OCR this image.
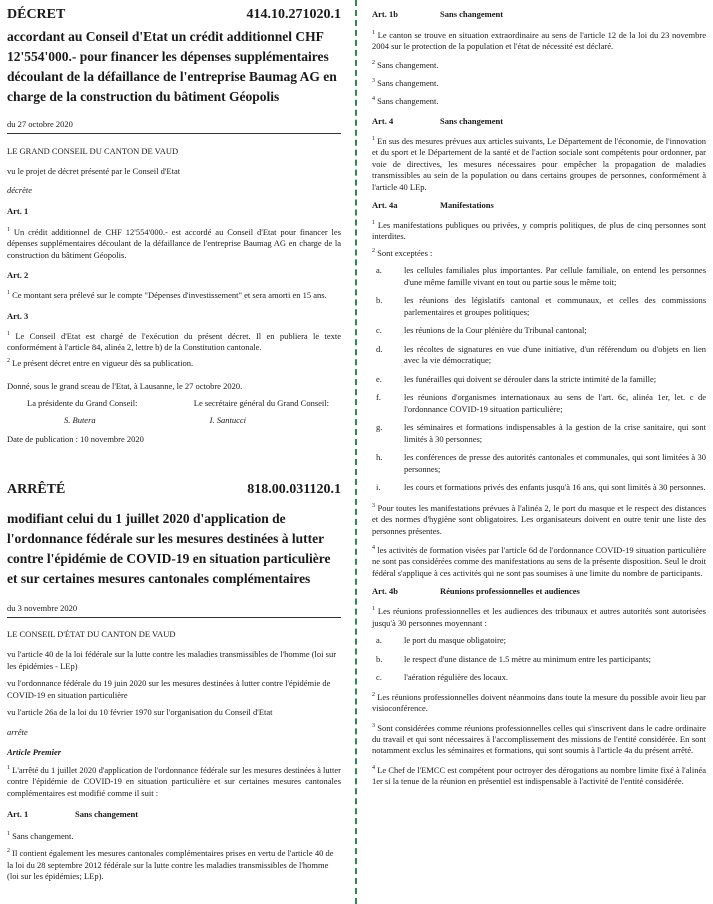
DÉCRET	414.10.271020.1
accordant au Conseil d'Etat un crédit additionnel CHF 12'554'000.- pour financer les dépenses supplémentaires découlant de la défaillance de l'entreprise Baumag AG en charge de la construction du bâtiment Géopolis
du 27 octobre 2020
LE GRAND CONSEIL DU CANTON DE VAUD
vu le projet de décret présenté par le Conseil d'Etat
décrète
Art. 1

$^1$ Un crédit additionnel de CHF 12'554'000.- est accordé au Conseil d'Etat pour financer les dépenses supplémentaires découlant de la défaillance de l'entreprise Baumag AG en charge de la construction du bâtiment Géopolis.

Art. 2

$^1$ Ce montant sera prélevé sur le compte "Dépenses d'investissement" et sera amorti en 15 ans.

Art. 3

$^1$ Le Conseil d'Etat est chargé de l'exécution du présent décret. Il en publiera le texte conformément à l'article 84, alinéa 2, lettre b) de la Constitution cantonale.

$^2$ Le présent décret entre en vigueur dès sa publication.

Donné, sous le grand sceau de l'Etat, à Lausanne, le 27 octobre 2020.

La présidente du Grand Conseil:	Le secrétaire général du Grand Conseil:
S. Butera	I. Santucci
Date de publication : 10 novembre 2020
ARRÊTÉ	818.00.031120.1
modifiant celui du 1 juillet 2020 d'application de l'ordonnance fédérale sur les mesures destinées à lutter contre l'épidémie de COVID-19 en situation particulière et sur certaines mesures cantonales complémentaires
du 3 novembre 2020
LE CONSEIL D'ÉTAT DU CANTON DE VAUD

vu l'article 40 de la loi fédérale sur la lutte contre les maladies transmissibles de l'homme (loi sur les épidémies - LEp)

vu l'ordonnance fédérale du 19 juin 2020 sur les mesures destinées à lutter contre l'épidémie de COVID-19 en situation particulière

vu l'article 26a de la loi du 10 février 1970 sur l'organisation du Conseil d'Etat

arrête
Article Premier

$^1$ L'arrêté du 1 juillet 2020 d'application de l'ordonnance fédérale sur les mesures destinées à lutter contre l'épidémie de COVID-19 en situation particulière et sur certaines mesures cantonales complémentaires est modifié comme il suit :

Art. 1	Sans changement

$^1$ Sans changement.

$^2$ Il contient également les mesures cantonales complémentaires prises en vertu de l'article 40 de la loi du 28 septembre 2012 fédérale sur la lutte contre les maladies transmissibles de l'homme (loi sur les épidémies; LEp).

Art. 1b	Sans changement

$^1$ Le canton se trouve en situation extraordinaire au sens de l'article 12 de la loi du 23 novembre 2004 sur le protection de la population et l'état de nécessité est déclaré.

$^2$ Sans changement.

$^3$ Sans changement.

$^4$ Sans changement.

Art. 4	Sans changement

$^1$ En sus des mesures prévues aux articles suivants, Le Département de l'économie, de l'innovation et du sport et le Département de la santé et de l'action sociale sont compétents pour ordonner, par voie de directives, les mesures nécessaires pour empêcher la propagation de maladies transmissibles au sein de la population ou dans certains groupes de personnes, conformément à l'article 40 LEp.

Art. 4a	Manifestations

$^1$ Les manifestations publiques ou privées, y compris politiques, de plus de cinq personnes sont interdites.

$^2$ Sont exceptées :

a.	les cellules familiales plus importantes. Par cellule familiale, on entend les personnes d'une même famille vivant en tout ou partie sous le même toit;
b.	les réunions des législatifs cantonal et communaux, et celles des commissions parlementaires et groupes politiques;
c.	les réunions de la Cour plénière du Tribunal cantonal;
d.	les récoltes de signatures en vue d'une initiative, d'un référendum ou d'objets en lien avec la vie démocratique;
e.	les funérailles qui doivent se dérouler dans la stricte intimité de la famille;
f.	les réunions d'organismes internationaux au sens de l'art. 6c, alinéa 1er, let. c de l'ordonnance COVID-19 situation particulière;
g.	les séminaires et formations indispensables à la gestion de la crise sanitaire, qui sont limités à 30 personnes;
h.	les conférences de presse des autorités cantonales et communales, qui sont limitées à 30 personnes;
i.	les cours et formations privés des enfants jusqu'à 16 ans, qui sont limités à 30 personnes.

$^3$ Pour toutes les manifestations prévues à l'alinéa 2, le port du masque et le respect des distances et des normes d'hygiène sont obligatoires. Les organisateurs doivent en outre tenir une liste des personnes présentes.

$^4$ les activités de formation visées par l'article 6d de l'ordonnance COVID-19 situation particulière ne sont pas considérées comme des manifestations au sens de la présente disposition. Seul le droit fédéral s'applique à ces activités qui ne sont pas soumises à une limite du nombre de participants.

Art. 4b	Réunions professionnelles et audiences

$^1$ Les réunions professionnelles et les audiences des tribunaux et autres autorités sont autorisées jusqu'à 30 personnes moyennant :

a.	le port du masque obligatoire;
b.	le respect d'une distance de 1.5 mètre au minimum entre les participants;
c.	l'aération régulière des locaux.

$^2$ Les réunions professionnelles doivent néanmoins dans toute la mesure du possible avoir lieu par visioconférence.

$^3$ Sont considérées comme réunions professionnelles celles qui s'inscrivent dans le cadre ordinaire du travail et qui sont nécessaires à l'accomplissement des missions de l'entité considérée. En sont notamment exclus les séminaires et formations, qui sont soumis à l'article 4a du présent arrêté.

$^4$ Le Chef de l'EMCC est compétent pour octroyer des dérogations au nombre limite fixé à l'alinéa 1er si la tenue de la réunion en présentiel est indispensable à l'activité de l'entité considérée.
